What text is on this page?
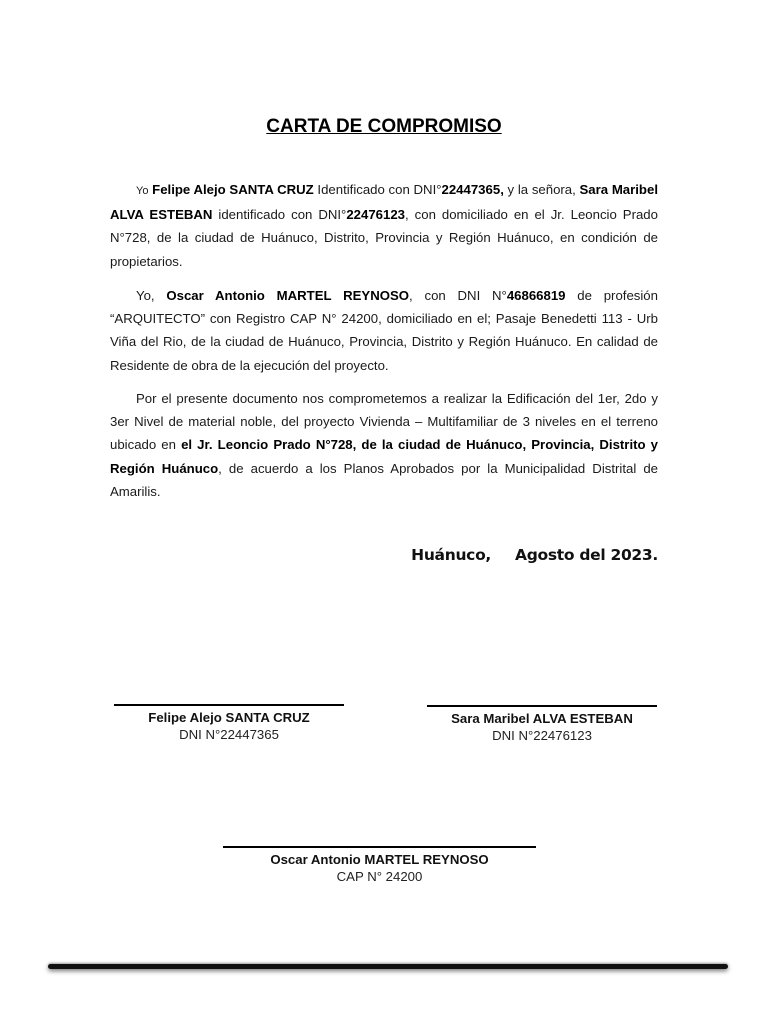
CARTA DE COMPROMISO

Yo Felipe Alejo SANTA CRUZ Identificado con DNI°22447365, y la señora, Sara Maribel ALVA ESTEBAN identificado con DNI°22476123, con domiciliado en el Jr. Leoncio Prado N°728, de la ciudad de Huánuco, Distrito, Provincia y Región Huánuco, en condición de propietarios.

Yo, Oscar Antonio MARTEL REYNOSO, con DNI N°46866819 de profesión “ARQUITECTO” con Registro CAP N° 24200, domiciliado en el; Pasaje Benedetti 113 - Urb Viña del Rio, de la ciudad de Huánuco, Provincia, Distrito y Región Huánuco. En calidad de Residente de obra de la ejecución del proyecto.

Por el presente documento nos comprometemos a realizar la Edificación del 1er, 2do y 3er Nivel de material noble, del proyecto Vivienda – Multifamiliar de 3 niveles en el terreno ubicado en el Jr. Leoncio Prado N°728, de la ciudad de Huánuco, Provincia, Distrito y Región Huánuco, de acuerdo a los Planos Aprobados por la Municipalidad Distrital de Amarilis.

Huánuco, Agosto del 2023.
Felipe Alejo SANTA CRUZ
DNI N°22447365
Sara Maribel ALVA ESTEBAN
DNI N°22476123
Oscar Antonio MARTEL REYNOSO
CAP N° 24200
